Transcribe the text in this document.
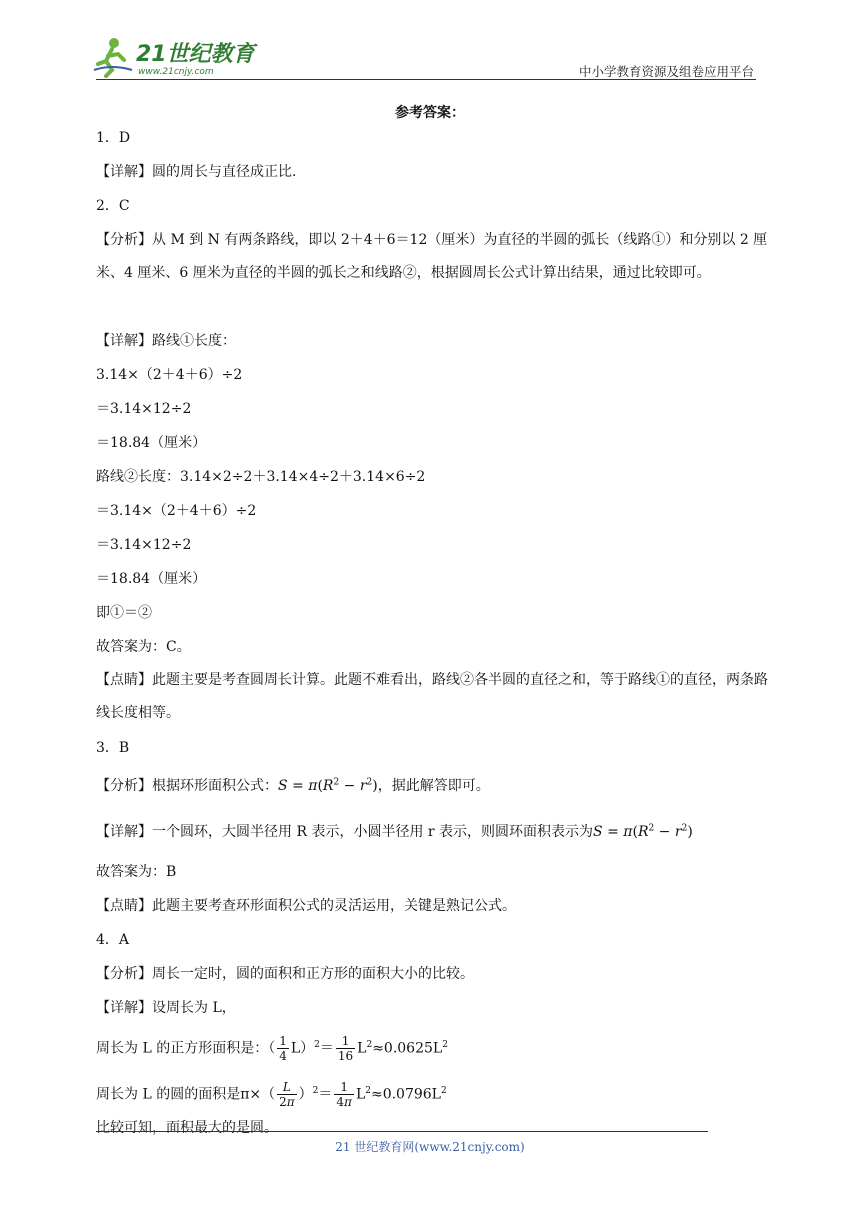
21世纪教育
www.21cnjy.com	中小学教育资源及组卷应用平台
参考答案：
1．D
【详解】圆的周长与直径成正比．
2．C
【分析】从 M 到 N 有两条路线，即以 2＋4＋6＝12（厘米）为直径的半圆的弧长（线路①）和分别以 2 厘米、4 厘米、6 厘米为直径的半圆的弧长之和线路②，根据圆周长公式计算出结果，通过比较即可。
【详解】路线①长度：
3.14×（2＋4＋6）÷2
＝3.14×12÷2
＝18.84（厘米）
路线②长度：3.14×2÷2＋3.14×4÷2＋3.14×6÷2
＝3.14×（2＋4＋6）÷2
＝3.14×12÷2
＝18.84（厘米）
即①＝②
故答案为：C。
【点睛】此题主要是考查圆周长计算。此题不难看出，路线②各半圆的直径之和，等于路线①的直径，两条路线长度相等。
3．B
【分析】根据环形面积公式：$S = \pi(R^2 - r^2)$，据此解答即可。
【详解】一个圆环，大圆半径用 R 表示，小圆半径用 r 表示，则圆环面积表示为$S = \pi(R^2 - r^2)$
故答案为：B
【点睛】此题主要考查环形面积公式的灵活运用，关键是熟记公式。
4．A
【分析】周长一定时，圆的面积和正方形的面积大小的比较。
【详解】设周长为 L，
周长为 L 的正方形面积是：（ $\frac{1}{4} L)^2= \frac{1}{16} L^2\approx 0.0625L^2$
周长为 L 的圆的面积是$\pi\times( \frac{L}{2\pi} )^2= \frac{1}{4\pi} L^2\approx 0.0796L^2$
比较可知，面积最大的是圆。
21 世纪教育网(www.21cnjy.com)
